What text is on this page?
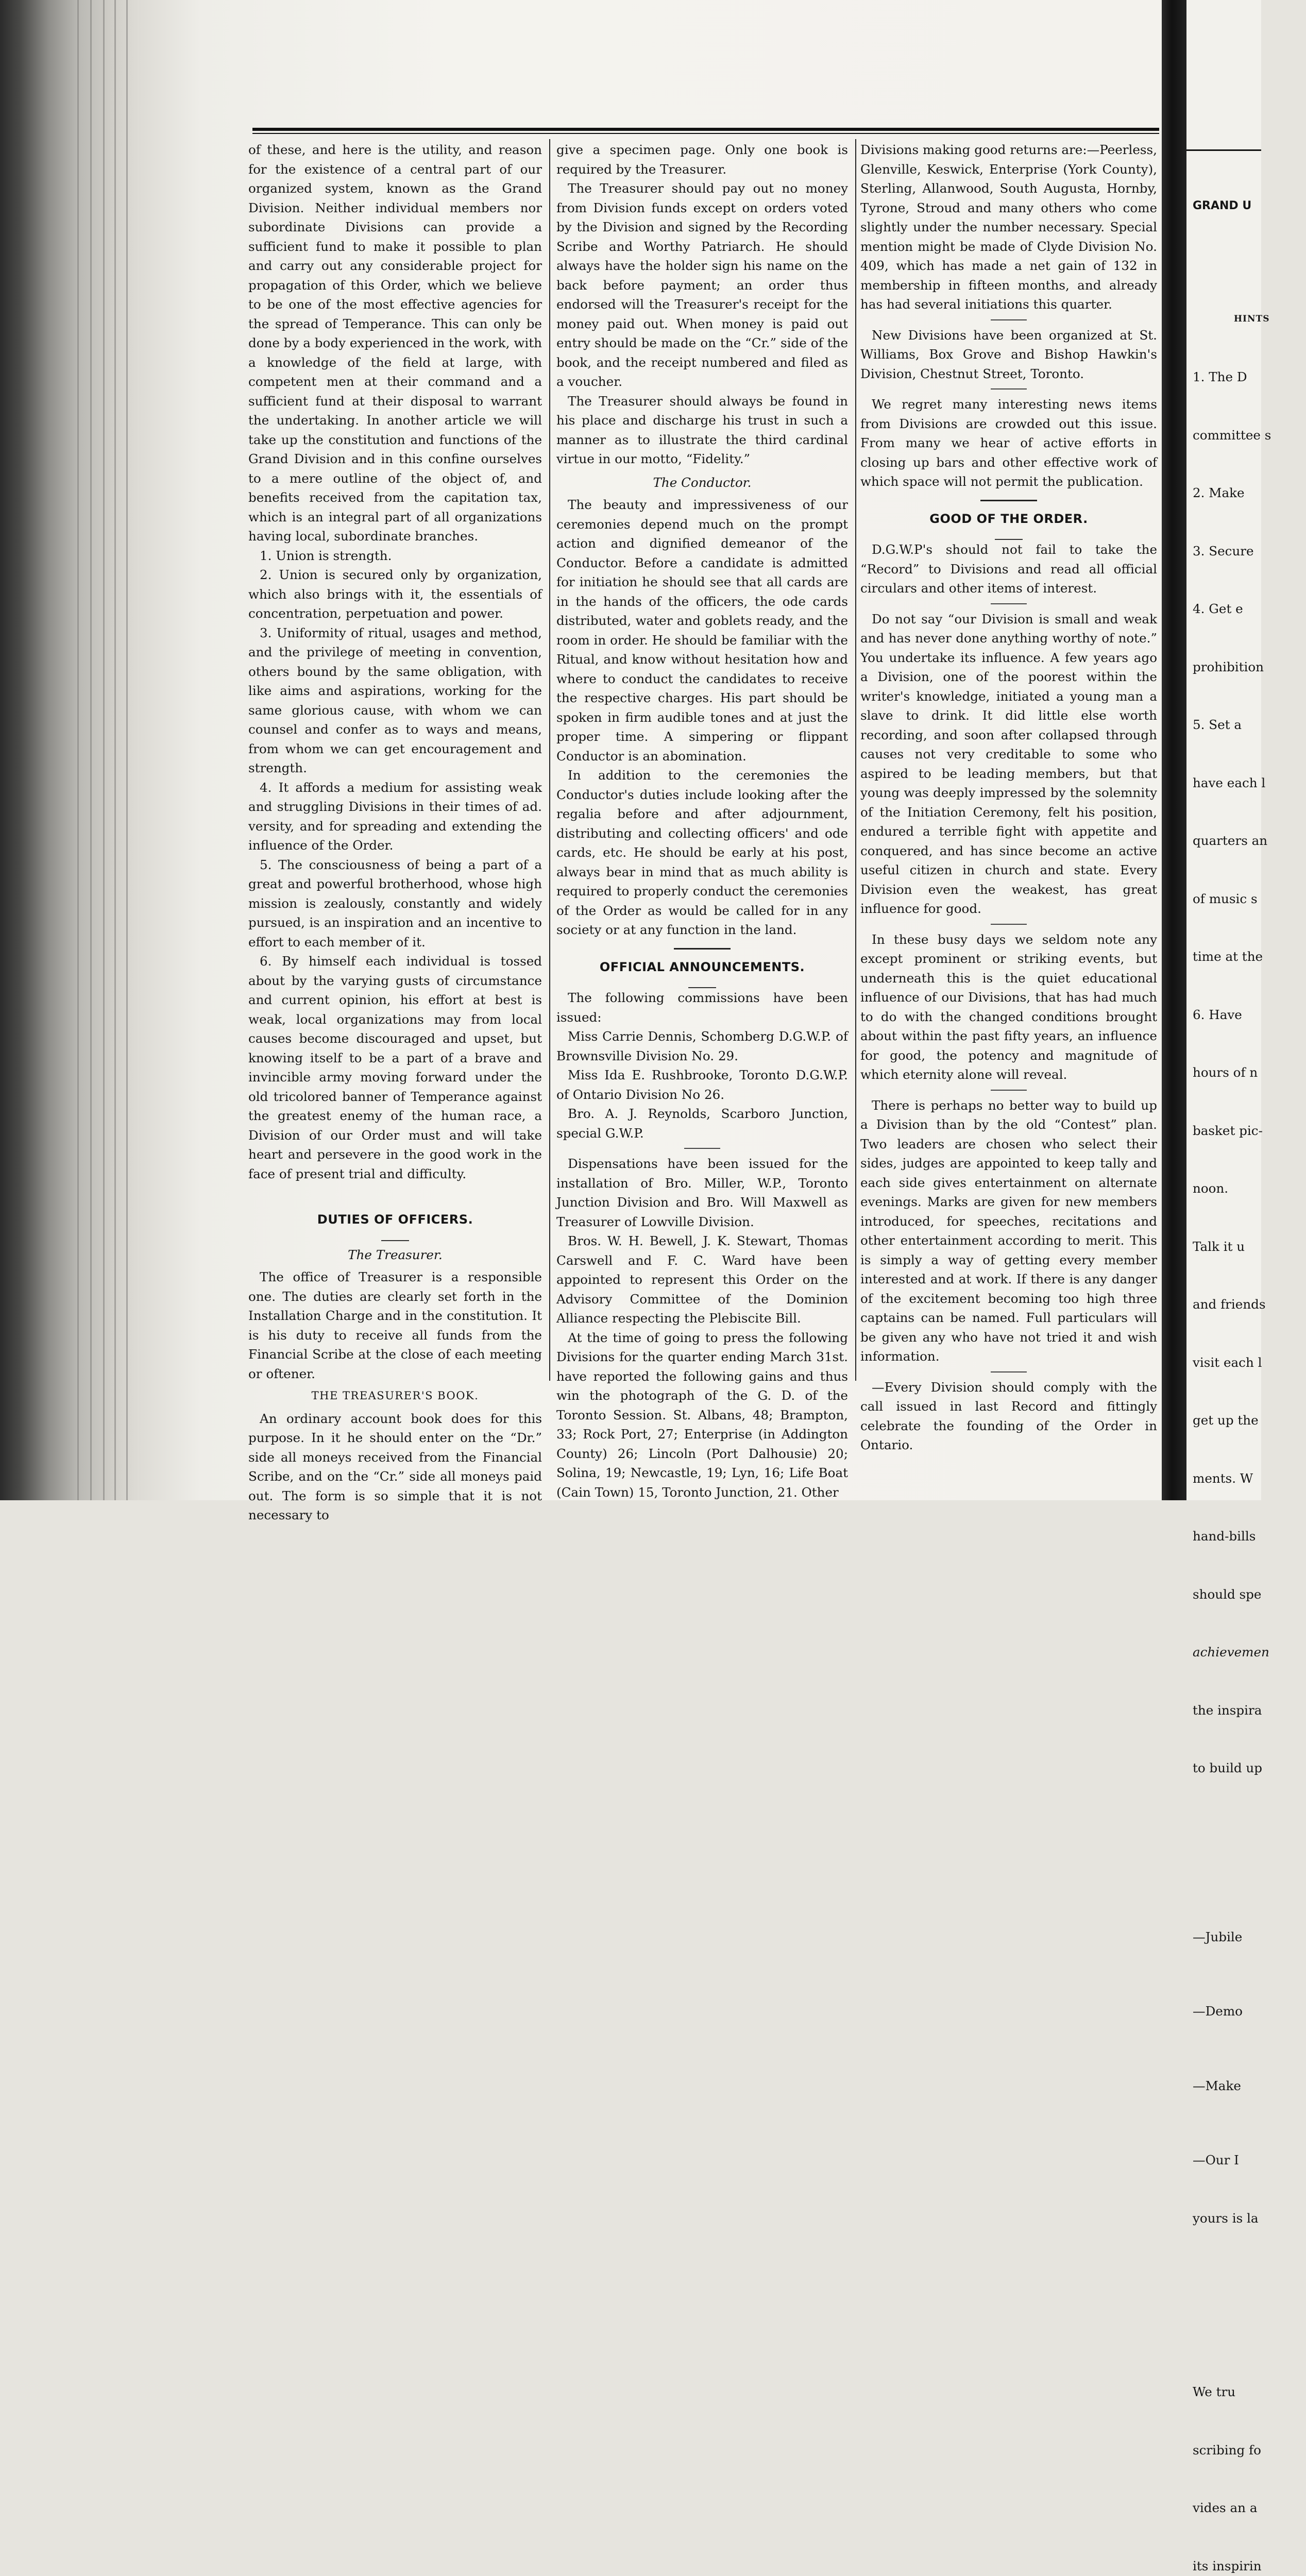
of these, and here is the utility, and reason for the existence of a central part of our organized system, known as the Grand Division. Neither individual members nor subordinate Divisions can provide a sufficient fund to make it possible to plan and carry out any considerable project for propagation of this Order, which we believe to be one of the most effective agencies for the spread of Temperance. This can only be done by a body experienced in the work, with a knowledge of the field at large, with competent men at their command and a sufficient fund at their disposal to warrant the undertaking. In another article we will take up the constitution and functions of the Grand Division and in this confine ourselves to a mere outline of the object of, and benefits received from the capitation tax, which is an integral part of all organizations having local, subordinate branches.

1. Union is strength.

2. Union is secured only by organization, which also brings with it, the essentials of concentration, perpetuation and power.

3. Uniformity of ritual, usages and method, and the privilege of meeting in convention, others bound by the same obligation, with like aims and aspirations, working for the same glorious cause, with whom we can counsel and confer as to ways and means, from whom we can get encouragement and strength.

4. It affords a medium for assisting weak and struggling Divisions in their times of ad. versity, and for spreading and extending the influence of the Order.

5. The consciousness of being a part of a great and powerful brotherhood, whose high mission is zealously, constantly and widely pursued, is an inspiration and an incentive to effort to each member of it.

6. By himself each individual is tossed about by the varying gusts of circumstance and current opinion, his effort at best is weak, local organizations may from local causes become discouraged and upset, but knowing itself to be a part of a brave and invincible army moving forward under the old tricolored banner of Temperance against the greatest enemy of the human race, a Division of our Order must and will take heart and persevere in the good work in the face of present trial and difficulty.

DUTIES OF OFFICERS.
The Treasurer.

The office of Treasurer is a responsible one. The duties are clearly set forth in the Installation Charge and in the constitution. It is his duty to receive all funds from the Financial Scribe at the close of each meeting or oftener.

THE TREASURER'S BOOK.

An ordinary account book does for this purpose. In it he should enter on the “Dr.” side all moneys received from the Financial Scribe, and on the “Cr.” side all moneys paid out. The form is so simple that it is not necessary to

give a specimen page. Only one book is required by the Treasurer.

The Treasurer should pay out no money from Division funds except on orders voted by the Division and signed by the Recording Scribe and Worthy Patriarch. He should always have the holder sign his name on the back before payment; an order thus endorsed will the Treasurer's receipt for the money paid out. When money is paid out entry should be made on the “Cr.” side of the book, and the receipt numbered and filed as a voucher.

The Treasurer should always be found in his place and discharge his trust in such a manner as to illustrate the third cardinal virtue in our motto, “Fidelity.”

The Conductor.

The beauty and impressiveness of our ceremonies depend much on the prompt action and dignified demeanor of the Conductor. Before a candidate is admitted for initiation he should see that all cards are in the hands of the officers, the ode cards distributed, water and goblets ready, and the room in order. He should be familiar with the Ritual, and know without hesitation how and where to conduct the candidates to receive the respective charges. His part should be spoken in firm audible tones and at just the proper time. A simpering or flippant Conductor is an abomination.

In addition to the ceremonies the Conductor's duties include looking after the regalia before and after adjournment, distributing and collecting officers' and ode cards, etc. He should be early at his post, always bear in mind that as much ability is required to properly conduct the ceremonies of the Order as would be called for in any society or at any function in the land.

OFFICIAL ANNOUNCEMENTS.

The following commissions have been issued:

Miss Carrie Dennis, Schomberg D.G.W.P. of Brownsville Division No. 29.

Miss Ida E. Rushbrooke, Toronto D.G.W.P. of Ontario Division No 26.

Bro. A. J. Reynolds, Scarboro Junction, special G.W.P.

Dispensations have been issued for the installation of Bro. Miller, W.P., Toronto Junction Division and Bro. Will Maxwell as Treasurer of Lowville Division.

Bros. W. H. Bewell, J. K. Stewart, Thomas Carswell and F. C. Ward have been appointed to represent this Order on the Advisory Committee of the Dominion Alliance respecting the Plebiscite Bill.

At the time of going to press the following Divisions for the quarter ending March 31st. have reported the following gains and thus win the photograph of the G. D. of the Toronto Session. St. Albans, 48; Brampton, 33; Rock Port, 27; Enterprise (in Addington County) 26; Lincoln (Port Dalhousie) 20; Solina, 19; Newcastle, 19; Lyn, 16; Life Boat (Cain Town) 15, Toronto Junction, 21. Other

Divisions making good returns are:—Peerless, Glenville, Keswick, Enterprise (York County), Sterling, Allanwood, South Augusta, Hornby, Tyrone, Stroud and many others who come slightly under the number necessary. Special mention might be made of Clyde Division No. 409, which has made a net gain of 132 in membership in fifteen months, and already has had several initiations this quarter.

New Divisions have been organized at St. Williams, Box Grove and Bishop Hawkin's Division, Chestnut Street, Toronto.

We regret many interesting news items from Divisions are crowded out this issue. From many we hear of active efforts in closing up bars and other effective work of which space will not permit the publication.

GOOD OF THE ORDER.

D.G.W.P's should not fail to take the “Record” to Divisions and read all official circulars and other items of interest.

Do not say “our Division is small and weak and has never done anything worthy of note.” You undertake its influence. A few years ago a Division, one of the poorest within the writer's knowledge, initiated a young man a slave to drink. It did little else worth recording, and soon after collapsed through causes not very creditable to some who aspired to be leading members, but that young was deeply impressed by the solemnity of the Initiation Ceremony, felt his position, endured a terrible fight with appetite and conquered, and has since become an active useful citizen in church and state. Every Division even the weakest, has great influence for good.

In these busy days we seldom note any except prominent or striking events, but underneath this is the quiet educational influence of our Divisions, that has had much to do with the changed conditions brought about within the past fifty years, an influence for good, the potency and magnitude of which eternity alone will reveal.

There is perhaps no better way to build up a Division than by the old “Contest” plan. Two leaders are chosen who select their sides, judges are appointed to keep tally and each side gives entertainment on alternate evenings. Marks are given for new members introduced, for speeches, recitations and other entertainment according to merit. This is simply a way of getting every member interested and at work. If there is any danger of the excitement becoming too high three captains can be named. Full particulars will be given any who have not tried it and wish information.

—Every Division should comply with the call issued in last Record and fittingly celebrate the founding of the Order in Ontario.

GRAND U

HINTS

1. The D

committee s

2. Make

3. Secure

4. Get e

prohibition

5. Set a

have each l

quarters an

of music s

time at the

6. Have

hours of n

basket pic-

noon.

Talk it u

and friends

visit each l

get up the

ments. W

hand-bills

should spe

achievemen

the inspira

to build up

—Jubile

—Demo

—Make

—Our I

yours is la

We tru

scribing fo

vides an a

its inspirin
